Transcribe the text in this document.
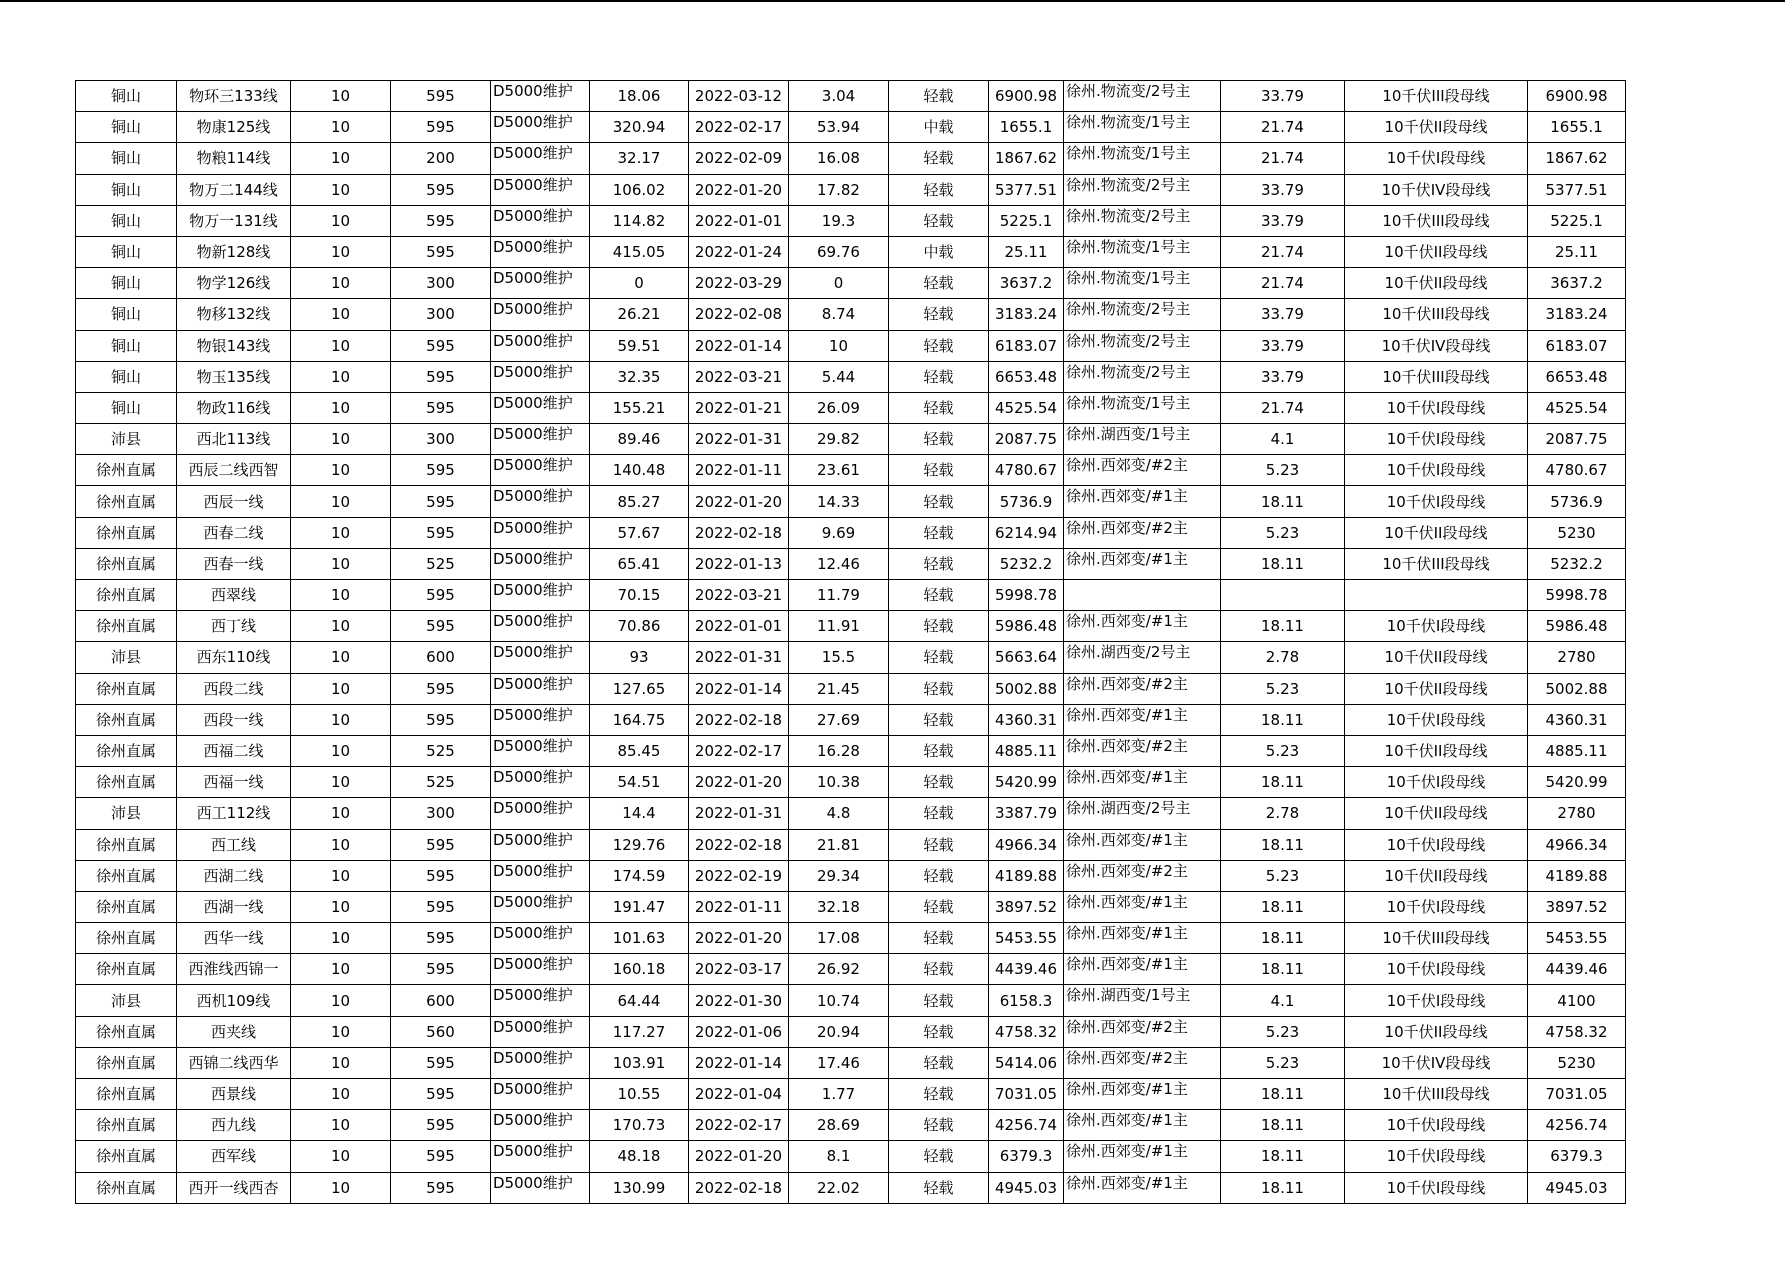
铜山	物环三133线	10	595	D5000维护	18.06	2022-03-12	3.04	轻载	6900.98	徐州.物流变/2号主	33.79	10千伏III段母线	6900.98
铜山	物康125线	10	595	D5000维护	320.94	2022-02-17	53.94	中载	1655.1	徐州.物流变/1号主	21.74	10千伏II段母线	1655.1
铜山	物粮114线	10	200	D5000维护	32.17	2022-02-09	16.08	轻载	1867.62	徐州.物流变/1号主	21.74	10千伏Ⅰ段母线	1867.62
铜山	物万二144线	10	595	D5000维护	106.02	2022-01-20	17.82	轻载	5377.51	徐州.物流变/2号主	33.79	10千伏IV段母线	5377.51
铜山	物万一131线	10	595	D5000维护	114.82	2022-01-01	19.3	轻载	5225.1	徐州.物流变/2号主	33.79	10千伏III段母线	5225.1
铜山	物新128线	10	595	D5000维护	415.05	2022-01-24	69.76	中载	25.11	徐州.物流变/1号主	21.74	10千伏II段母线	25.11
铜山	物学126线	10	300	D5000维护	0	2022-03-29	0	轻载	3637.2	徐州.物流变/1号主	21.74	10千伏II段母线	3637.2
铜山	物移132线	10	300	D5000维护	26.21	2022-02-08	8.74	轻载	3183.24	徐州.物流变/2号主	33.79	10千伏III段母线	3183.24
铜山	物银143线	10	595	D5000维护	59.51	2022-01-14	10	轻载	6183.07	徐州.物流变/2号主	33.79	10千伏IV段母线	6183.07
铜山	物玉135线	10	595	D5000维护	32.35	2022-03-21	5.44	轻载	6653.48	徐州.物流变/2号主	33.79	10千伏III段母线	6653.48
铜山	物政116线	10	595	D5000维护	155.21	2022-01-21	26.09	轻载	4525.54	徐州.物流变/1号主	21.74	10千伏Ⅰ段母线	4525.54
沛县	西北113线	10	300	D5000维护	89.46	2022-01-31	29.82	轻载	2087.75	徐州.湖西变/1号主	4.1	10千伏Ⅰ段母线	2087.75
徐州直属	西辰二线西智	10	595	D5000维护	140.48	2022-01-11	23.61	轻载	4780.67	徐州.西郊变/#2主	5.23	10千伏Ⅰ段母线	4780.67
徐州直属	西辰一线	10	595	D5000维护	85.27	2022-01-20	14.33	轻载	5736.9	徐州.西郊变/#1主	18.11	10千伏Ⅰ段母线	5736.9
徐州直属	西春二线	10	595	D5000维护	57.67	2022-02-18	9.69	轻载	6214.94	徐州.西郊变/#2主	5.23	10千伏II段母线	5230
徐州直属	西春一线	10	525	D5000维护	65.41	2022-01-13	12.46	轻载	5232.2	徐州.西郊变/#1主	18.11	10千伏III段母线	5232.2
徐州直属	西翠线	10	595	D5000维护	70.15	2022-03-21	11.79	轻载	5998.78				5998.78
徐州直属	西丁线	10	595	D5000维护	70.86	2022-01-01	11.91	轻载	5986.48	徐州.西郊变/#1主	18.11	10千伏Ⅰ段母线	5986.48
沛县	西东110线	10	600	D5000维护	93	2022-01-31	15.5	轻载	5663.64	徐州.湖西变/2号主	2.78	10千伏II段母线	2780
徐州直属	西段二线	10	595	D5000维护	127.65	2022-01-14	21.45	轻载	5002.88	徐州.西郊变/#2主	5.23	10千伏II段母线	5002.88
徐州直属	西段一线	10	595	D5000维护	164.75	2022-02-18	27.69	轻载	4360.31	徐州.西郊变/#1主	18.11	10千伏Ⅰ段母线	4360.31
徐州直属	西福二线	10	525	D5000维护	85.45	2022-02-17	16.28	轻载	4885.11	徐州.西郊变/#2主	5.23	10千伏II段母线	4885.11
徐州直属	西福一线	10	525	D5000维护	54.51	2022-01-20	10.38	轻载	5420.99	徐州.西郊变/#1主	18.11	10千伏Ⅰ段母线	5420.99
沛县	西工112线	10	300	D5000维护	14.4	2022-01-31	4.8	轻载	3387.79	徐州.湖西变/2号主	2.78	10千伏II段母线	2780
徐州直属	西工线	10	595	D5000维护	129.76	2022-02-18	21.81	轻载	4966.34	徐州.西郊变/#1主	18.11	10千伏Ⅰ段母线	4966.34
徐州直属	西湖二线	10	595	D5000维护	174.59	2022-02-19	29.34	轻载	4189.88	徐州.西郊变/#2主	5.23	10千伏II段母线	4189.88
徐州直属	西湖一线	10	595	D5000维护	191.47	2022-01-11	32.18	轻载	3897.52	徐州.西郊变/#1主	18.11	10千伏Ⅰ段母线	3897.52
徐州直属	西华一线	10	595	D5000维护	101.63	2022-01-20	17.08	轻载	5453.55	徐州.西郊变/#1主	18.11	10千伏III段母线	5453.55
徐州直属	西淮线西锦一	10	595	D5000维护	160.18	2022-03-17	26.92	轻载	4439.46	徐州.西郊变/#1主	18.11	10千伏Ⅰ段母线	4439.46
沛县	西机109线	10	600	D5000维护	64.44	2022-01-30	10.74	轻载	6158.3	徐州.湖西变/1号主	4.1	10千伏Ⅰ段母线	4100
徐州直属	西夹线	10	560	D5000维护	117.27	2022-01-06	20.94	轻载	4758.32	徐州.西郊变/#2主	5.23	10千伏II段母线	4758.32
徐州直属	西锦二线西华	10	595	D5000维护	103.91	2022-01-14	17.46	轻载	5414.06	徐州.西郊变/#2主	5.23	10千伏IV段母线	5230
徐州直属	西景线	10	595	D5000维护	10.55	2022-01-04	1.77	轻载	7031.05	徐州.西郊变/#1主	18.11	10千伏III段母线	7031.05
徐州直属	西九线	10	595	D5000维护	170.73	2022-02-17	28.69	轻载	4256.74	徐州.西郊变/#1主	18.11	10千伏Ⅰ段母线	4256.74
徐州直属	西军线	10	595	D5000维护	48.18	2022-01-20	8.1	轻载	6379.3	徐州.西郊变/#1主	18.11	10千伏Ⅰ段母线	6379.3
徐州直属	西开一线西杏	10	595	D5000维护	130.99	2022-02-18	22.02	轻载	4945.03	徐州.西郊变/#1主	18.11	10千伏Ⅰ段母线	4945.03
